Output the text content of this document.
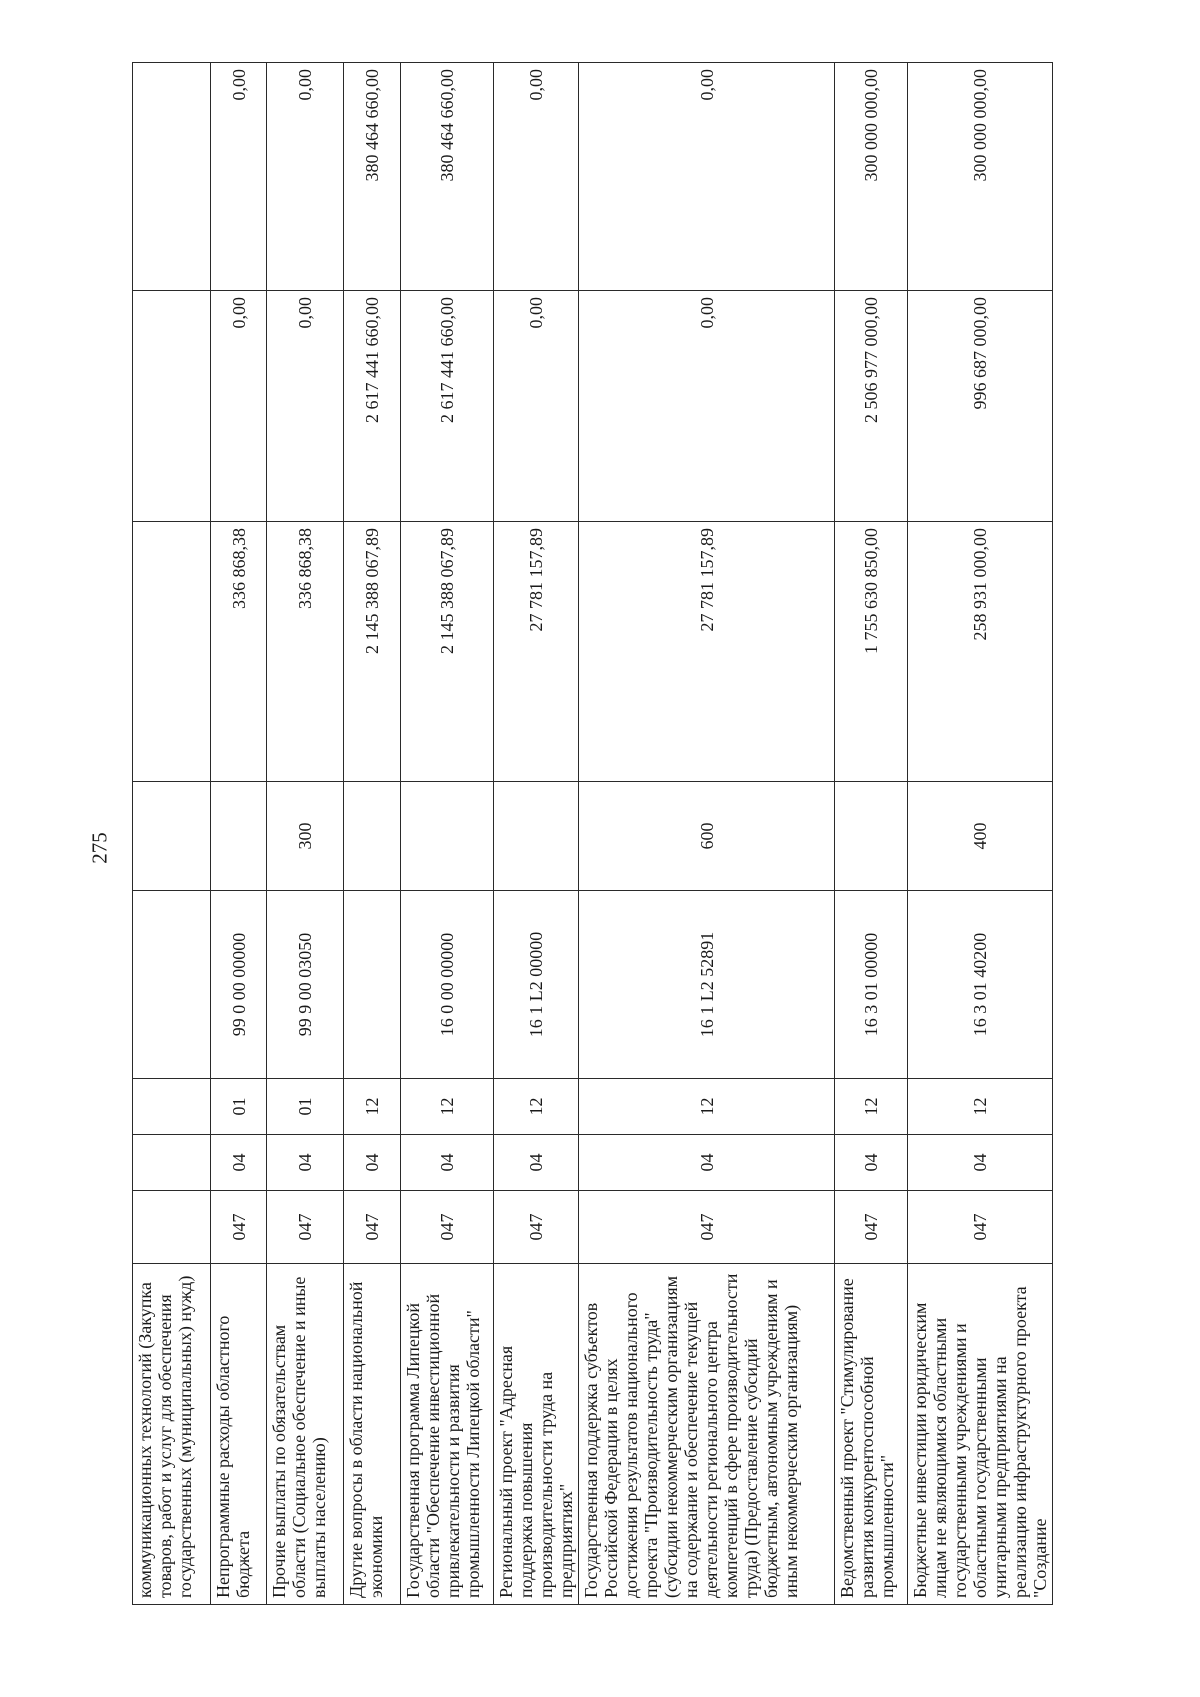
275
коммуникационных технологий (Закупка товаров, работ и услуг для обеспечения государственных (муниципальных) нужд)								
Непрограммные расходы областного бюджета	047	04	01	99 0 00 00000		336 868,38	0,00	0,00
Прочие выплаты по обязательствам области (Социальное обеспечение и иные выплаты населению)	047	04	01	99 9 00 03050	300	336 868,38	0,00	0,00
Другие вопросы в области национальной экономики	047	04	12			2 145 388 067,89	2 617 441 660,00	380 464 660,00
Государственная программа Липецкой области "Обеспечение инвестиционной привлекательности и развития промышленности Липецкой области"	047	04	12	16 0 00 00000		2 145 388 067,89	2 617 441 660,00	380 464 660,00
Региональный проект "Адресная поддержка повышения производительности труда на предприятиях"	047	04	12	16 1 L2 00000		27 781 157,89	0,00	0,00
Государственная поддержка субъектов Российской Федерации в целях достижения результатов национального проекта "Производительность труда" (субсидии некоммерческим организациям на содержание и обеспечение текущей деятельности регионального центра компетенций в сфере производительности труда) (Предоставление субсидий бюджетным, автономным учреждениям и иным некоммерческим организациям)	047	04	12	16 1 L2 52891	600	27 781 157,89	0,00	0,00
Ведомственный проект "Стимулирование развития конкурентоспособной промышленности"	047	04	12	16 3 01 00000		1 755 630 850,00	2 506 977 000,00	300 000 000,00
Бюджетные инвестиции юридическим лицам не являющимися областными государственными учреждениями и областными государственными унитарными предприятиями на реализацию инфраструктурного проекта "Создание	047	04	12	16 3 01 40200	400	258 931 000,00	996 687 000,00	300 000 000,00
